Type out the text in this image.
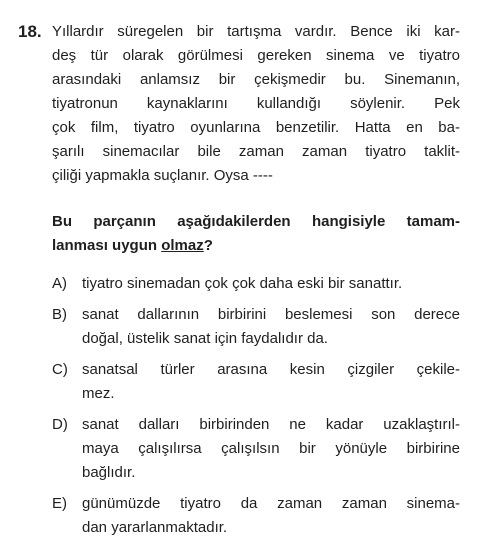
18. Yıllardır süregelen bir tartışma vardır. Bence iki kar-
deş tür olarak görülmesi gereken sinema ve tiyatro
arasındaki anlamsız bir çekişmedir bu. Sinemanın,
tiyatronun kaynaklarını kullandığı söylenir. Pek
çok film, tiyatro oyunlarına benzetilir. Hatta en ba-
şarılı sinemacılar bile zaman zaman tiyatro taklit-
çiliği yapmakla suçlanır. Oysa ----
Bu parçanın aşağıdakilerden hangisiyle tamam-
lanması uygun olmaz?
A) tiyatro sinemadan çok çok daha eski bir sanattır.
B) sanat dallarının birbirini beslemesi son derece
doğal, üstelik sanat için faydalıdır da.
C) sanatsal türler arasına kesin çizgiler çekile-
mez.
D) sanat dalları birbirinden ne kadar uzaklaştırıl-
maya çalışılırsa çalışılsın bir yönüyle birbirine
bağlıdır.
E) günümüzde tiyatro da zaman zaman sinema-
dan yararlanmaktadır.
